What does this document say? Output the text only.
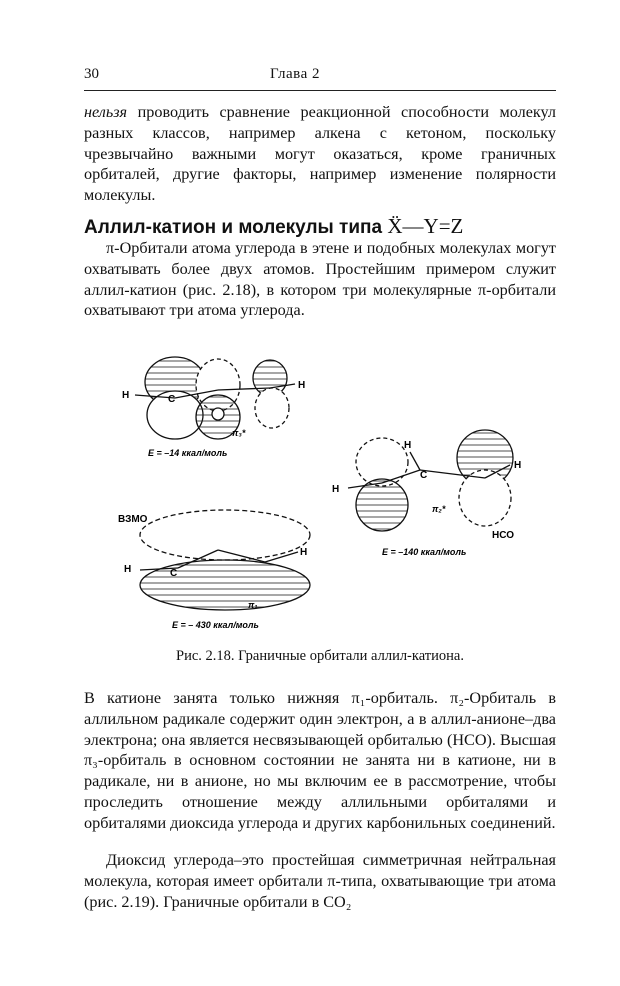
30	Глава 2

нельзя проводить сравнение реакционной способности молекул разных классов, например алкена с кетоном, поскольку чрезвычайно важными могут оказаться, кроме граничных орбиталей, другие факторы, например изменение полярности молекулы.

Аллил-катион и молекулы типа Ẍ—Y=Z

π-Орбитали атома углерода в этене и подобных молекулах могут охватывать более двух атомов. Простейшим примером служит аллил-катион (рис. 2.18), в котором три молекулярные π-орбитали охватывают три атома углерода.

H	C
H
π₃*
E = –14 ккал/моль
H
H
C
H
π₂*
НСО
E = –140 ккал/моль
ВЗМО
H	C
H
π₁
E = – 430 ккал/моль
Рис. 2.18. Граничные орбитали аллил-катиона.

В катионе занята только нижняя π₁-орбиталь. π₂-Орбиталь в аллильном радикале содержит один электрон, а в аллил-анионе–два электрона; она является несвязывающей орбиталью (НСО). Высшая π₃-орбиталь в основном состоянии не занята ни в катионе, ни в радикале, ни в анионе, но мы включим ее в рассмотрение, чтобы проследить отношение между аллильными орбиталями и орбиталями диоксида углерода и других карбонильных соединений.

Диоксид углерода–это простейшая симметричная нейтральная молекула, которая имеет орбитали π-типа, охватывающие три атома (рис. 2.19). Граничные орбитали в CO₂
